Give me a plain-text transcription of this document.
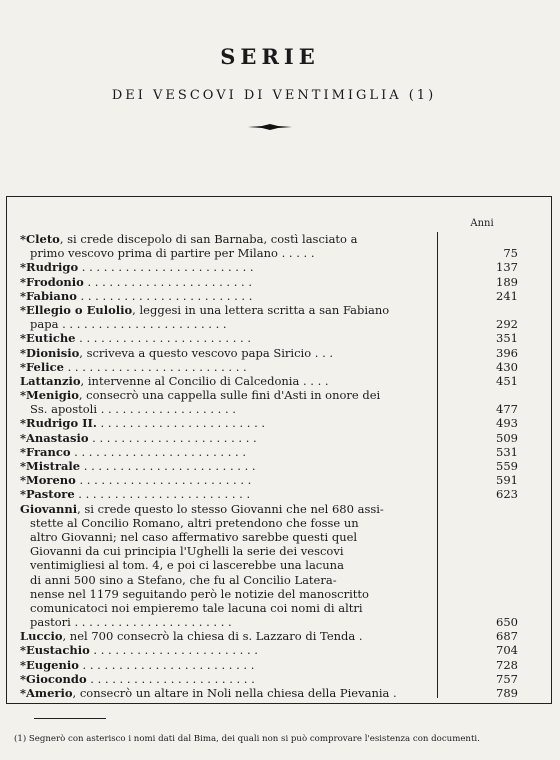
SERIE
DEI VESCOVI DI VENTIMIGLIA (1)
Anni
*Cleto, si crede discepolo di san Barnaba, costì lasciato a
primo vescovo prima di partire per Milano . . . . .	75
*Rudrigo . . . . . . . . . . . . . . . . . . . . . . . .	137
*Frodonio . . . . . . . . . . . . . . . . . . . . . . .	189
*Fabiano . . . . . . . . . . . . . . . . . . . . . . . .	241
*Ellegio o Eulolio, leggesi in una lettera scritta a san Fabiano
papa . . . . . . . . . . . . . . . . . . . . . . .	292
*Eutiche . . . . . . . . . . . . . . . . . . . . . . . .	351
*Dionisio, scriveva a questo vescovo papa Siricio . . .	396
*Felice . . . . . . . . . . . . . . . . . . . . . . . . .	430
Lattanzio, intervenne al Concilio di Calcedonia . . . .	451
*Menigio, consecrò una cappella sulle fini d'Asti in onore dei
Ss. apostoli . . . . . . . . . . . . . . . . . . .	477
*Rudrigo II. . . . . . . . . . . . . . . . . . . . . . . .	493
*Anastasio . . . . . . . . . . . . . . . . . . . . . . .	509
*Franco . . . . . . . . . . . . . . . . . . . . . . . .	531
*Mistrale . . . . . . . . . . . . . . . . . . . . . . . .	559
*Moreno . . . . . . . . . . . . . . . . . . . . . . . .	591
*Pastore . . . . . . . . . . . . . . . . . . . . . . . .	623
Giovanni, si crede questo lo stesso Giovanni che nel 680 assi-
stette al Concilio Romano, altri pretendono che fosse un
altro Giovanni; nel caso affermativo sarebbe questi quel
Giovanni da cui principia l'Ughelli la serie dei vescovi
ventimigliesi al tom. 4, e poi ci lascerebbe una lacuna
di anni 500 sino a Stefano, che fu al Concilio Latera-
nense nel 1179 seguitando però le notizie del manoscritto
comunicatoci noi empieremo tale lacuna coi nomi di altri
pastori . . . . . . . . . . . . . . . . . . . . . .	650
Luccio, nel 700 consecrò la chiesa di s. Lazzaro di Tenda .	687
*Eustachio . . . . . . . . . . . . . . . . . . . . . . .	704
*Eugenio . . . . . . . . . . . . . . . . . . . . . . . .	728
*Giocondo . . . . . . . . . . . . . . . . . . . . . . .	757
*Amerio, consecrò un altare in Noli nella chiesa della Pievania .	789
(1) Segnerò con asterisco i nomi dati dal Bima, dei quali non si può comprovare l'esistenza con documenti.
